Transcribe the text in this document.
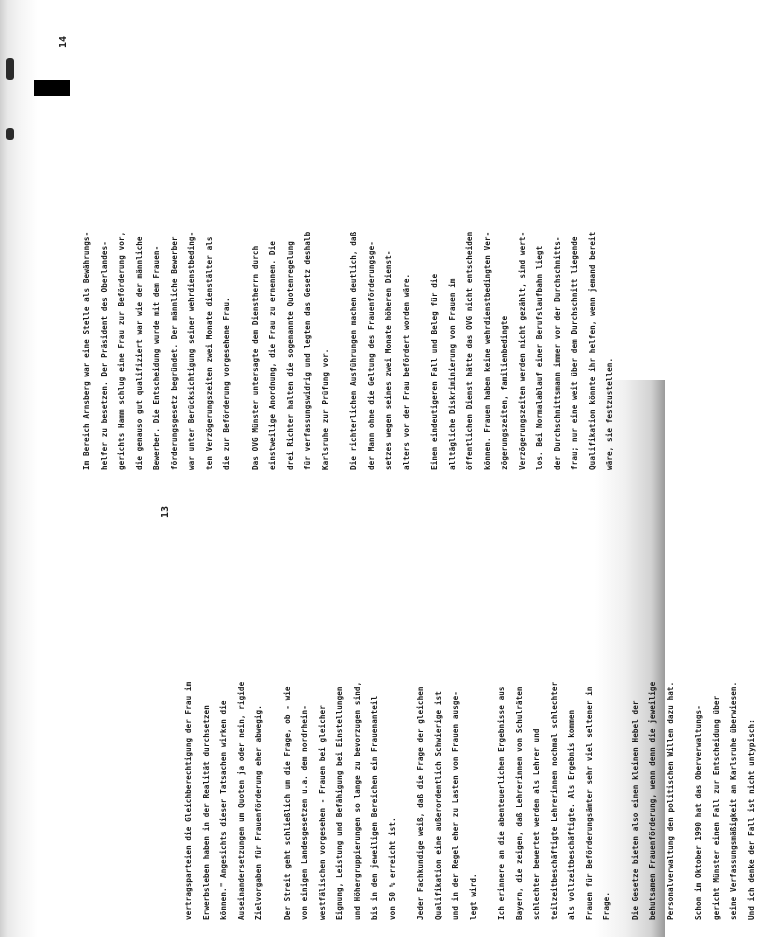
14

Im Bereich Arnsberg war eine Stelle als Bewährungs-	helfer zu besetzen. Der Präsident des Oberlandes-	gerichts Hamm schlug eine Frau zur Beförderung vor,	die genauso gut qualifiziert war wie der männliche	Bewerber. Die Entscheidung wurde mit dem Frauen-	förderungsgesetz begründet. Der männliche Bewerber	war unter Berücksichtigung seiner wehrdienstbeding-	ten Verzögerungszeiten zwei Monate dienstälter als	die zur Beförderung vorgesehene Frau.	Das OVG Münster untersagte dem Dienstherrn durch	einstweilige Anordnung, die Frau zu ernennen. Die	drei Richter halten die sogenannte Quotenregelung	für verfassungswidrig und legten das Gesetz deshalb	Karlsruhe zur Prüfung vor.	Die richterlichen Ausführungen machen deutlich, daß	der Mann ohne die Geltung des Frauenförderungsge-	setzes wegen seines zwei Monate höheren Dienst-	alters vor der Frau befördert worden wäre.	Einen eindeutigeren Fall und Beleg für die	alltägliche Diskriminierung von Frauen im	öffentlichen Dienst hätte das OVG nicht entscheiden	können. Frauen haben keine wehrdienstbedingten Ver-	zögerungszeiten, familienbedingte	Verzögerungszeiten werden nicht gezählt, sind wert-	los. Bei Normalablauf einer Berufslaufbahn liegt	der Durchschnittsmann immer vor der Durchschnitts-	frau; nur eine weit über dem Durchschnitt liegende	Qualifikation könnte ihr helfen, wenn jemand bereit	wäre, sie festzustellen.

13

vertragsparteien die Gleichberechtigung der Frau im	Erwerbsleben haben in der Realität durchsetzen	können." Angesichts dieser Tatsachen wirken die	Auseinandersetzungen um Quoten ja oder nein, rigide	Zielvorgaben für Frauenförderung eher abwegig.	Der Streit geht schließlich um die Frage, ob - wie	von einigen Landesgesetzen u.a. dem nordrhein-	westfälischen vorgesehen - Frauen bei gleicher	Eignung, Leistung und Befähigung bei Einstellungen	und Höhergruppierungen so lange zu bevorzugen sind,	bis in den jeweiligen Bereichen ein Frauenanteil	von 50 % erreicht ist.	Jeder Fachkundige weiß, daß die Frage der gleichen	Qualifikation eine außerordentlich Schwierige ist	und in der Regel eher zu Lasten von Frauen ausge-	legt wird.	Ich erinnere an die abenteuerlichen Ergebnisse aus	Bayern, die zeigen, daß Lehrerinnen von Schulräten	schlechter bewertet werden als Lehrer und	teilzeitbeschäftigte Lehrerinnen nochmal schlechter	als vollzeitbeschäftigte. Als Ergebnis kommen	Frauen für Beförderungsämter sehr viel seltener in	Frage.	Die Gesetze bieten also einen kleinen Hebel der	behutsamen Frauenförderung, wenn denn die jeweilige	Personalverwaltung den politischen Willen dazu hat.	Schon im Oktober 1990 hat das Oberverwaltungs-	gericht Münster einen Fall zur Entscheidung über	seine Verfassungsmäßigkeit an Karlsruhe überwiesen.	Und ich denke der Fall ist nicht untypisch:
